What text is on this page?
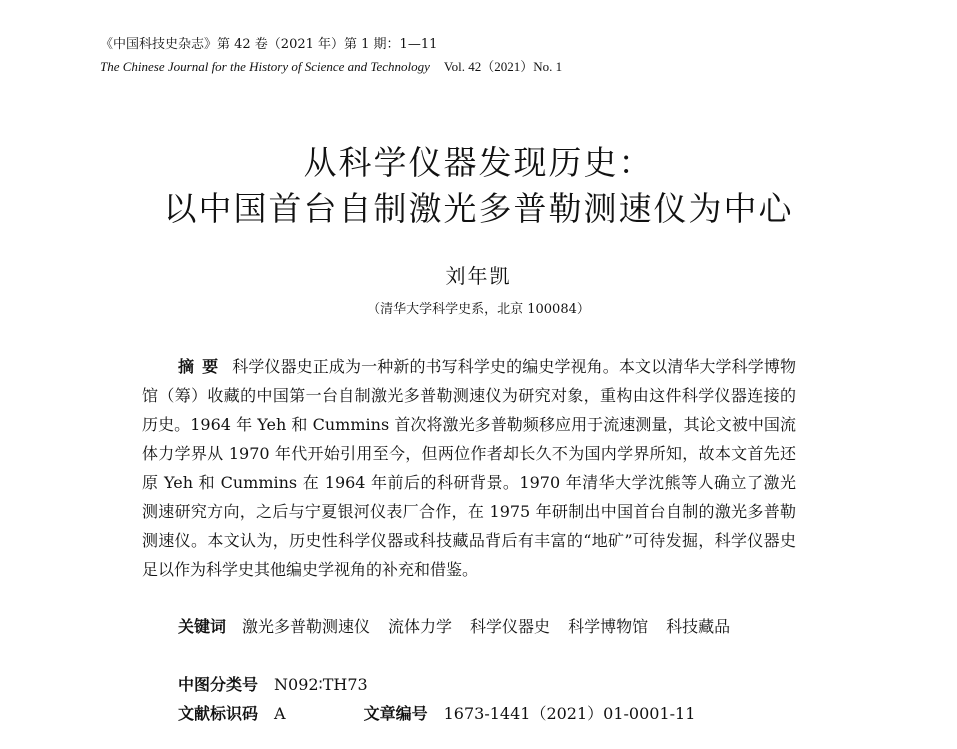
《中国科技史杂志》第 42 卷（2021 年）第 1 期：1—11
The Chinese Journal for the History of Science and Technology Vol. 42（2021）No. 1
从科学仪器发现历史：
以中国首台自制激光多普勒测速仪为中心
刘年凯
（清华大学科学史系，北京 100084）

摘要 科学仪器史正成为一种新的书写科学史的编史学视角。本文以清华大学科学博物馆（筹）收藏的中国第一台自制激光多普勒测速仪为研究对象，重构由这件科学仪器连接的历史。1964 年 Yeh 和 Cummins 首次将激光多普勒频移应用于流速测量，其论文被中国流体力学界从 1970 年代开始引用至今，但两位作者却长久不为国内学界所知，故本文首先还原 Yeh 和 Cummins 在 1964 年前后的科研背景。1970 年清华大学沈熊等人确立了激光测速研究方向，之后与宁夏银河仪表厂合作，在 1975 年研制出中国首台自制的激光多普勒测速仪。本文认为，历史性科学仪器或科技藏品背后有丰富的“地矿”可待发掘，科学仪器史足以作为科学史其他编史学视角的补充和借鉴。

关键词 激光多普勒测速仪 流体力学 科学仪器史 科学博物馆 科技藏品

中图分类号 N092∶TH73
文献标识码 A	文章编号 1673-1441（2021）01-0001-11
